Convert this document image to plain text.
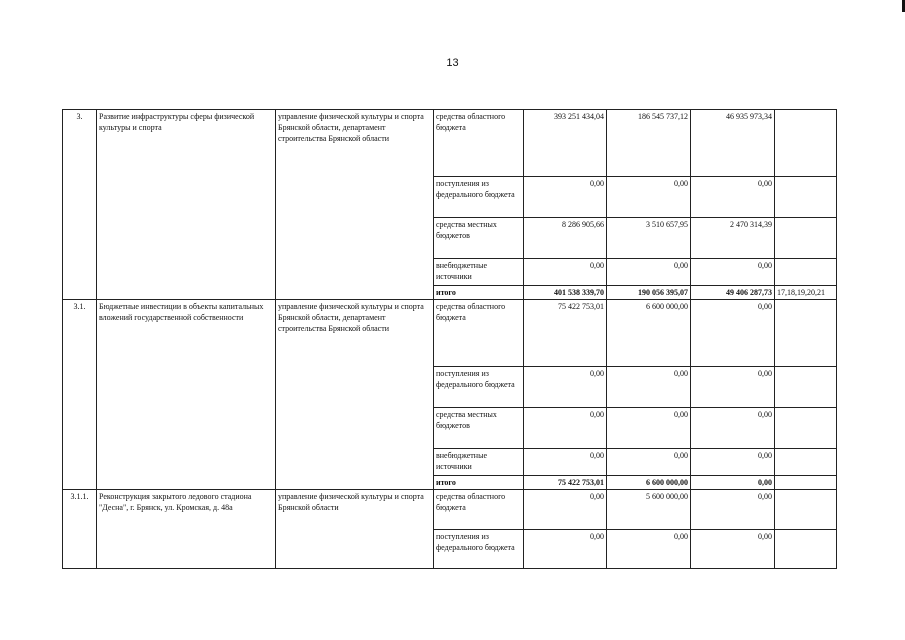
13
3.	Развитие инфраструктуры сферы физической культуры и спорта	управление физической культуры и спорта Брянской области, департамент строительства Брянской области	средства областного бюджета	393 251 434,04	186 545 737,12	46 935 973,34	
			поступления из федерального бюджета	0,00	0,00	0,00	
			средства местных бюджетов	8 286 905,66	3 510 657,95	2 470 314,39	
			внебюджетные источники	0,00	0,00	0,00	
			итого	401 538 339,70	190 056 395,07	49 406 287,73	17,18,19,20,21
3.1.	Бюджетные инвестиции в объекты капитальных вложений государственной собственности	управление физической культуры и спорта Брянской области, департамент строительства Брянской области	средства областного бюджета	75 422 753,01	6 600 000,00	0,00	
			поступления из федерального бюджета	0,00	0,00	0,00	
			средства местных бюджетов	0,00	0,00	0,00	
			внебюджетные источники	0,00	0,00	0,00	
			итого	75 422 753,01	6 600 000,00	0,00	
3.1.1.	Реконструкция закрытого ледового стадиона "Десна", г. Брянск, ул. Кромская, д. 48а	управление физической культуры и спорта Брянской области	средства областного бюджета	0,00	5 600 000,00	0,00	
			поступления из федерального бюджета	0,00	0,00	0,00	
